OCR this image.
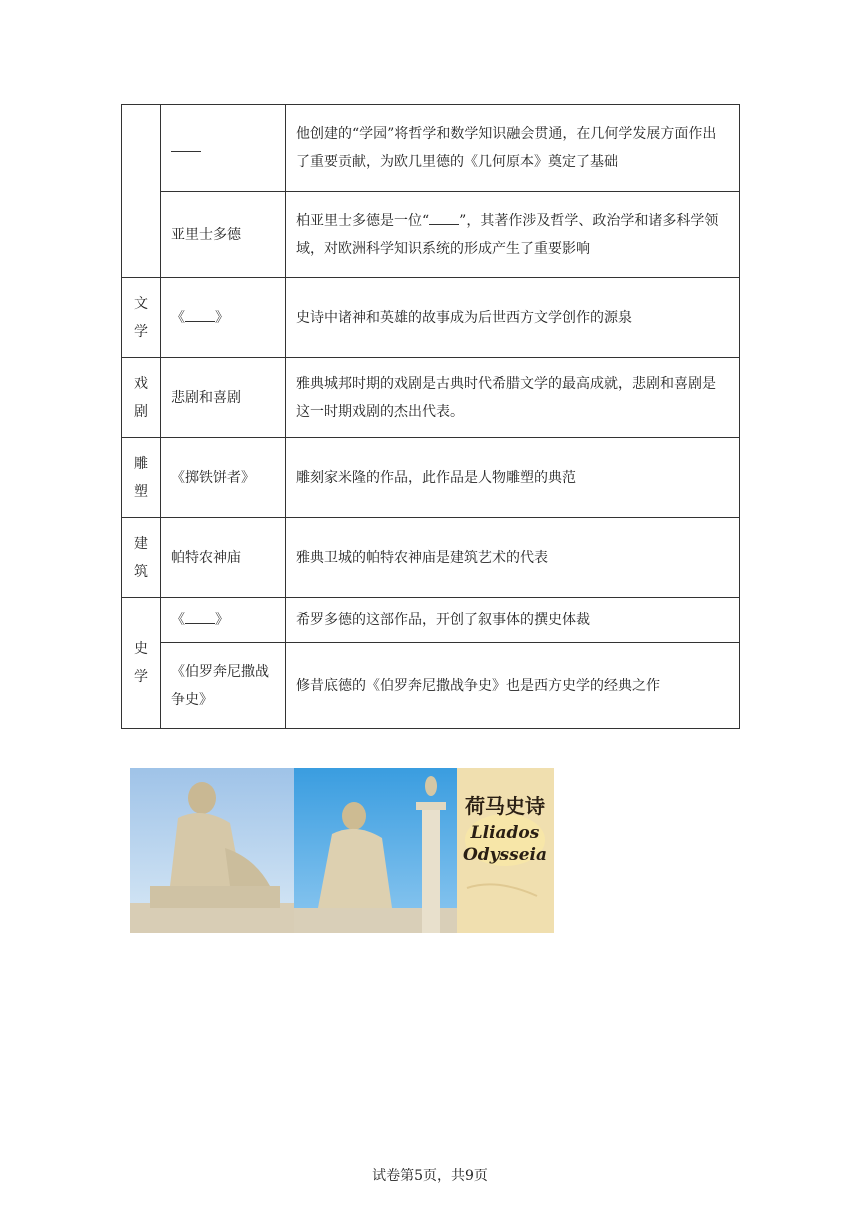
		他创建的“学园”将哲学和数学知识融会贯通，在几何学发展方面作出了重要贡献，为欧几里德的《几何原本》奠定了基础
	亚里士多德	柏亚里士多德是一位“ ”，其著作涉及哲学、政治学和诸多科学领域，对欧洲科学知识系统的形成产生了重要影响

文学	《 》	史诗中诸神和英雄的故事成为后世西方文学创作的源泉

戏剧	悲剧和喜剧	雅典城邦时期的戏剧是古典时代希腊文学的最高成就，悲剧和喜剧是这一时期戏剧的杰出代表。

雕塑	《掷铁饼者》	雕刻家米隆的作品，此作品是人物雕塑的典范

建筑	帕特农神庙	雅典卫城的帕特农神庙是建筑艺术的代表

史学	《 》	希罗多德的这部作品，开创了叙事体的撰史体裁
	《伯罗奔尼撒战争史》	修昔底德的《伯罗奔尼撒战争史》也是西方史学的经典之作
荷马史诗
Lliados
Odysseia
试卷第5页，共9页
